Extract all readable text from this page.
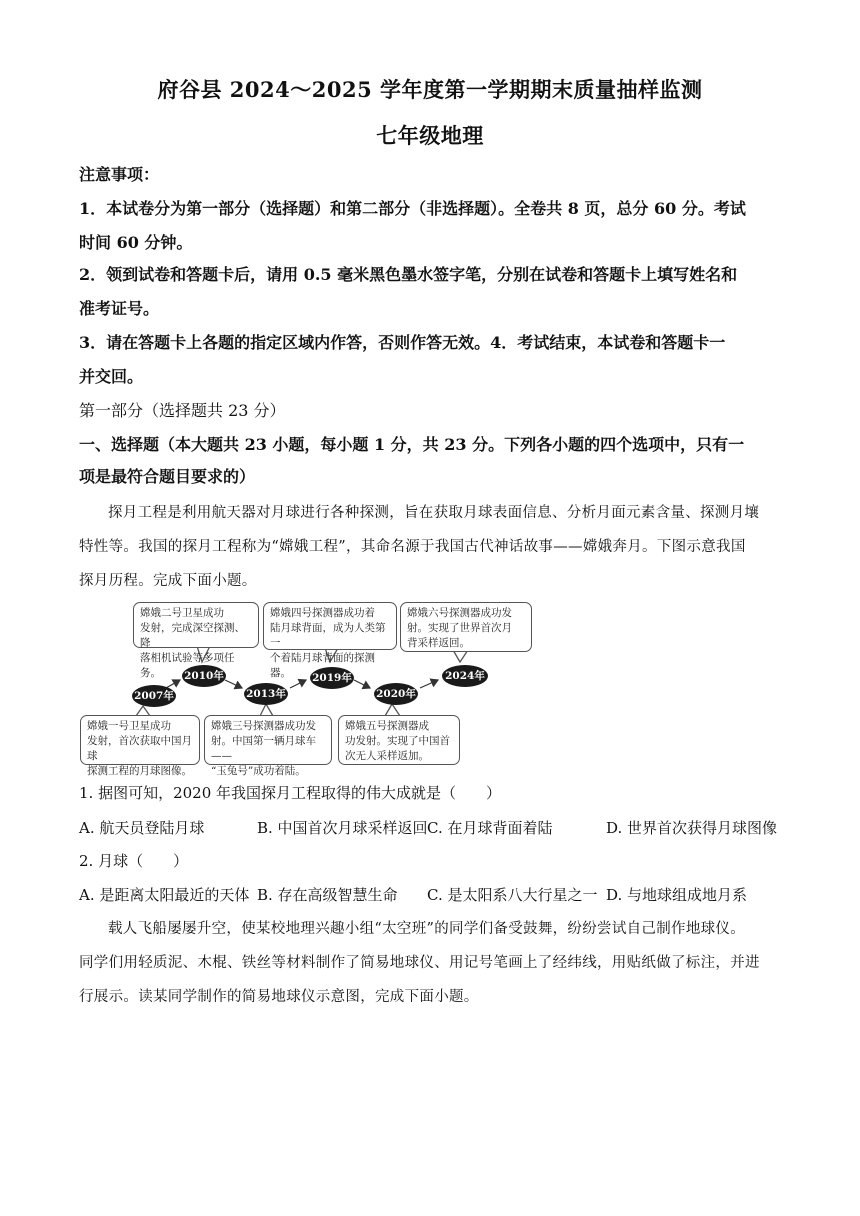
府谷县 2024～2025 学年度第一学期期末质量抽样监测
七年级地理
注意事项：
1．本试卷分为第一部分（选择题）和第二部分（非选择题）。全卷共 8 页，总分 60 分。考试
时间 60 分钟。
2．领到试卷和答题卡后，请用 0.5 毫米黑色墨水签字笔，分别在试卷和答题卡上填写姓名和
准考证号。
3．请在答题卡上各题的指定区域内作答，否则作答无效。4．考试结束，本试卷和答题卡一
并交回。
第一部分（选择题共 23 分）
一、选择题（本大题共 23 小题，每小题 1 分，共 23 分。下列各小题的四个选项中，只有一
项是最符合题目要求的）
探月工程是利用航天器对月球进行各种探测，旨在获取月球表面信息、分析月面元素含量、探测月壤
特性等。我国的探月工程称为“嫦娥工程”，其命名源于我国古代神话故事——嫦娥奔月。下图示意我国
探月历程。完成下面小题。
嫦娥二号卫星成功
发射，完成深空探测、降
落相机试验等多项任务。
嫦娥四号探测器成功着
陆月球背面，成为人类第一
个着陆月球背面的探测器。
嫦娥六号探测器成功发
射。实现了世界首次月
背采样返回。
2007年
2010年
2013年
2019年
2020年
2024年
嫦娥一号卫星成功
发射，首次获取中国月球
探测工程的月球图像。
嫦娥三号探测器成功发
射。中国第一辆月球车——
“玉兔号”成功着陆。
嫦娥五号探测器成
功发射。实现了中国首
次无人采样返加。
1. 据图可知，2020 年我国探月工程取得的伟大成就是（　　）
A. 航天员登陆月球	B. 中国首次月球采样返回 C. 在月球背面着陆	D. 世界首次获得月球图像
2. 月球（　　）
A. 是距离太阳最近的天体 B. 存在高级智慧生命 C. 是太阳系八大行星之一 D. 与地球组成地月系
载人飞船屡屡升空，使某校地理兴趣小组“太空班”的同学们备受鼓舞，纷纷尝试自己制作地球仪。
同学们用轻质泥、木棍、铁丝等材料制作了简易地球仪、用记号笔画上了经纬线，用贴纸做了标注，并进
行展示。读某同学制作的简易地球仪示意图，完成下面小题。
